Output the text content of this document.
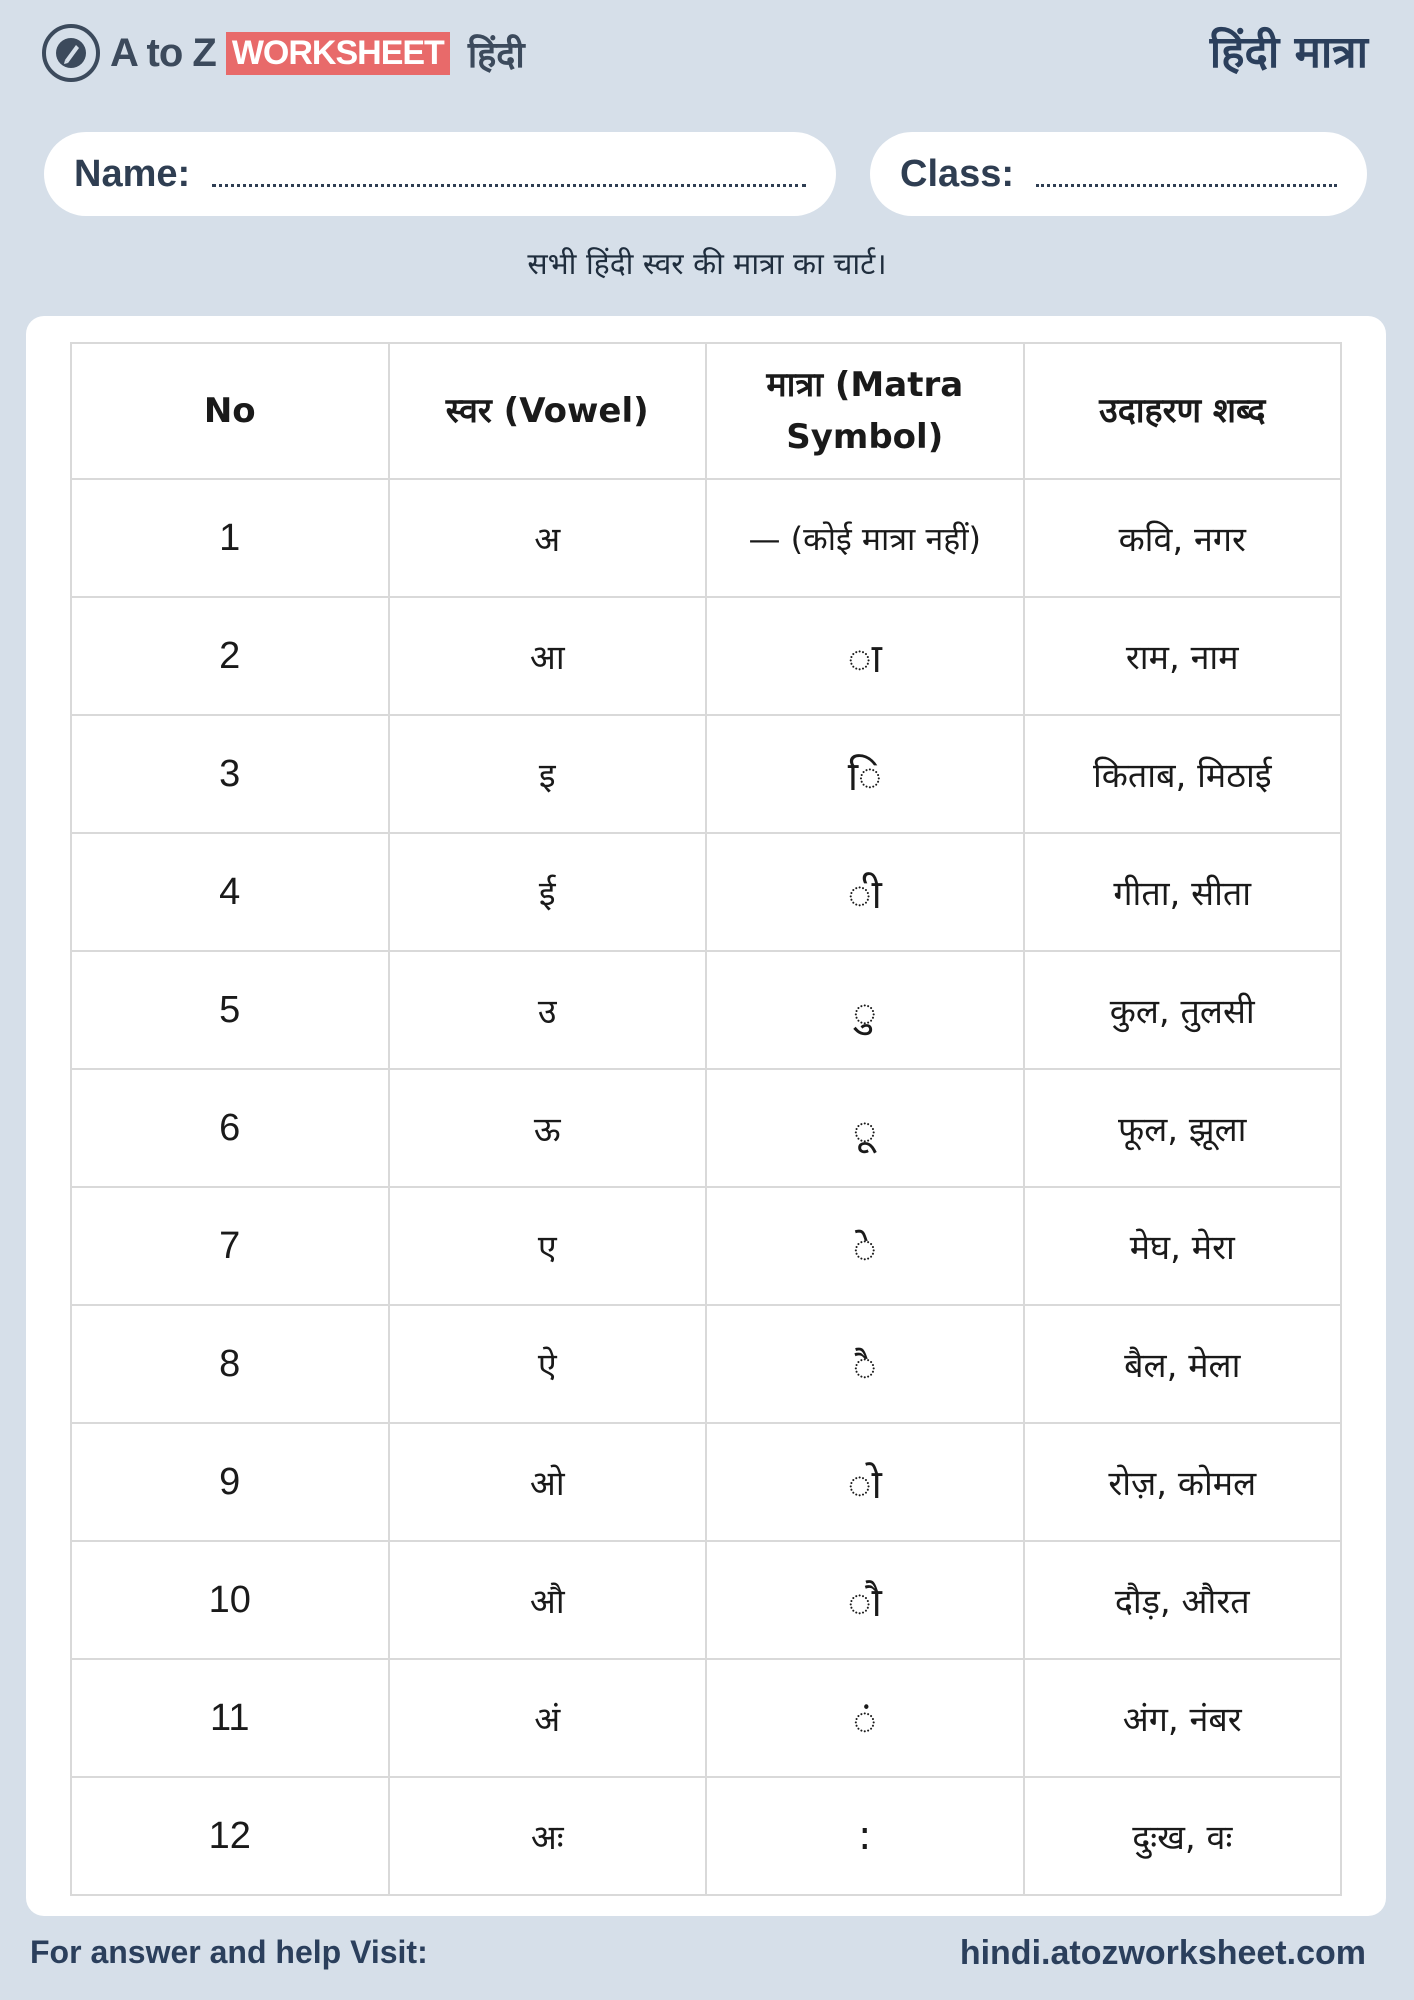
A to Z WORKSHEET हिंदी	हिंदी मात्रा
Name:	Class:
सभी हिंदी स्वर की मात्रा का चार्ट।
No	स्वर (Vowel)	मात्रा (Matra Symbol)	उदाहरण शब्द
1	अ	— (कोई मात्रा नहीं)	कवि, नगर
2	आ	ा	राम, नाम
3	इ	ि	किताब, मिठाई
4	ई	ी	गीता, सीता
5	उ	ु	कुल, तुलसी
6	ऊ	ू	फूल, झूला
7	ए	े	मेघ, मेरा
8	ऐ	ै	बैल, मेला
9	ओ	ो	रोज़, कोमल
10	औ	ौ	दौड़, औरत
11	अं	ं	अंग, नंबर
12	अः	:	दुःख, वः
For answer and help Visit:	hindi.atozworksheet.com
